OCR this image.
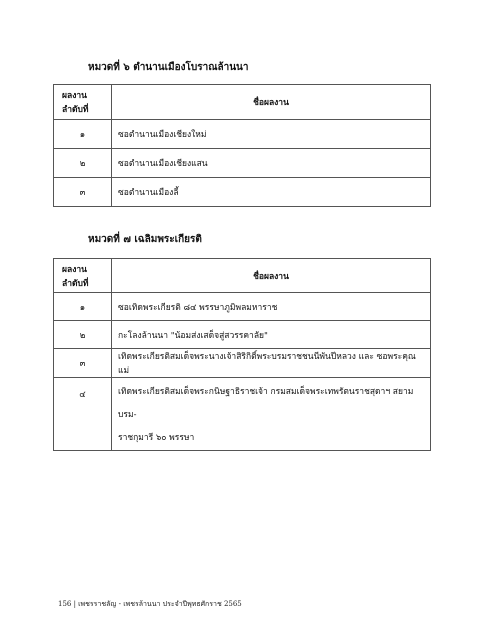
หมวดที่ ๖ ตำนานเมืองโบราณล้านนา
ผลงานลำดับที่	ชื่อผลงาน
๑	ซอตำนานเมืองเชียงใหม่
๒	ซอตำนานเมืองเชียงแสน
๓	ซอตำนานเมืองลี้
หมวดที่ ๗ เฉลิมพระเกียรติ
ผลงานลำดับที่	ชื่อผลงาน
๑	ซอเทิดพระเกียรติ ๘๔ พรรษาภูมิพลมหาราช
๒	กะโลงล้านนา "น้อมส่งเสด็จสู่สวรรคาลัย"
๓	เทิดพระเกียรติสมเด็จพระนางเจ้าสิริกิติ์พระบรมราชชนนีพันปีหลวง และ ซอพระคุณแม่
๔	เทิดพระเกียรติสมเด็จพระกนิษฐาธิราชเจ้า กรมสมเด็จพระเทพรัตนราชสุดาฯ สยามบรม-
ราชกุมารี ๖๐ พรรษา
156 | เพชรราชลัญ - เพชรล้านนา ประจำปีพุทธศักราช 2565
